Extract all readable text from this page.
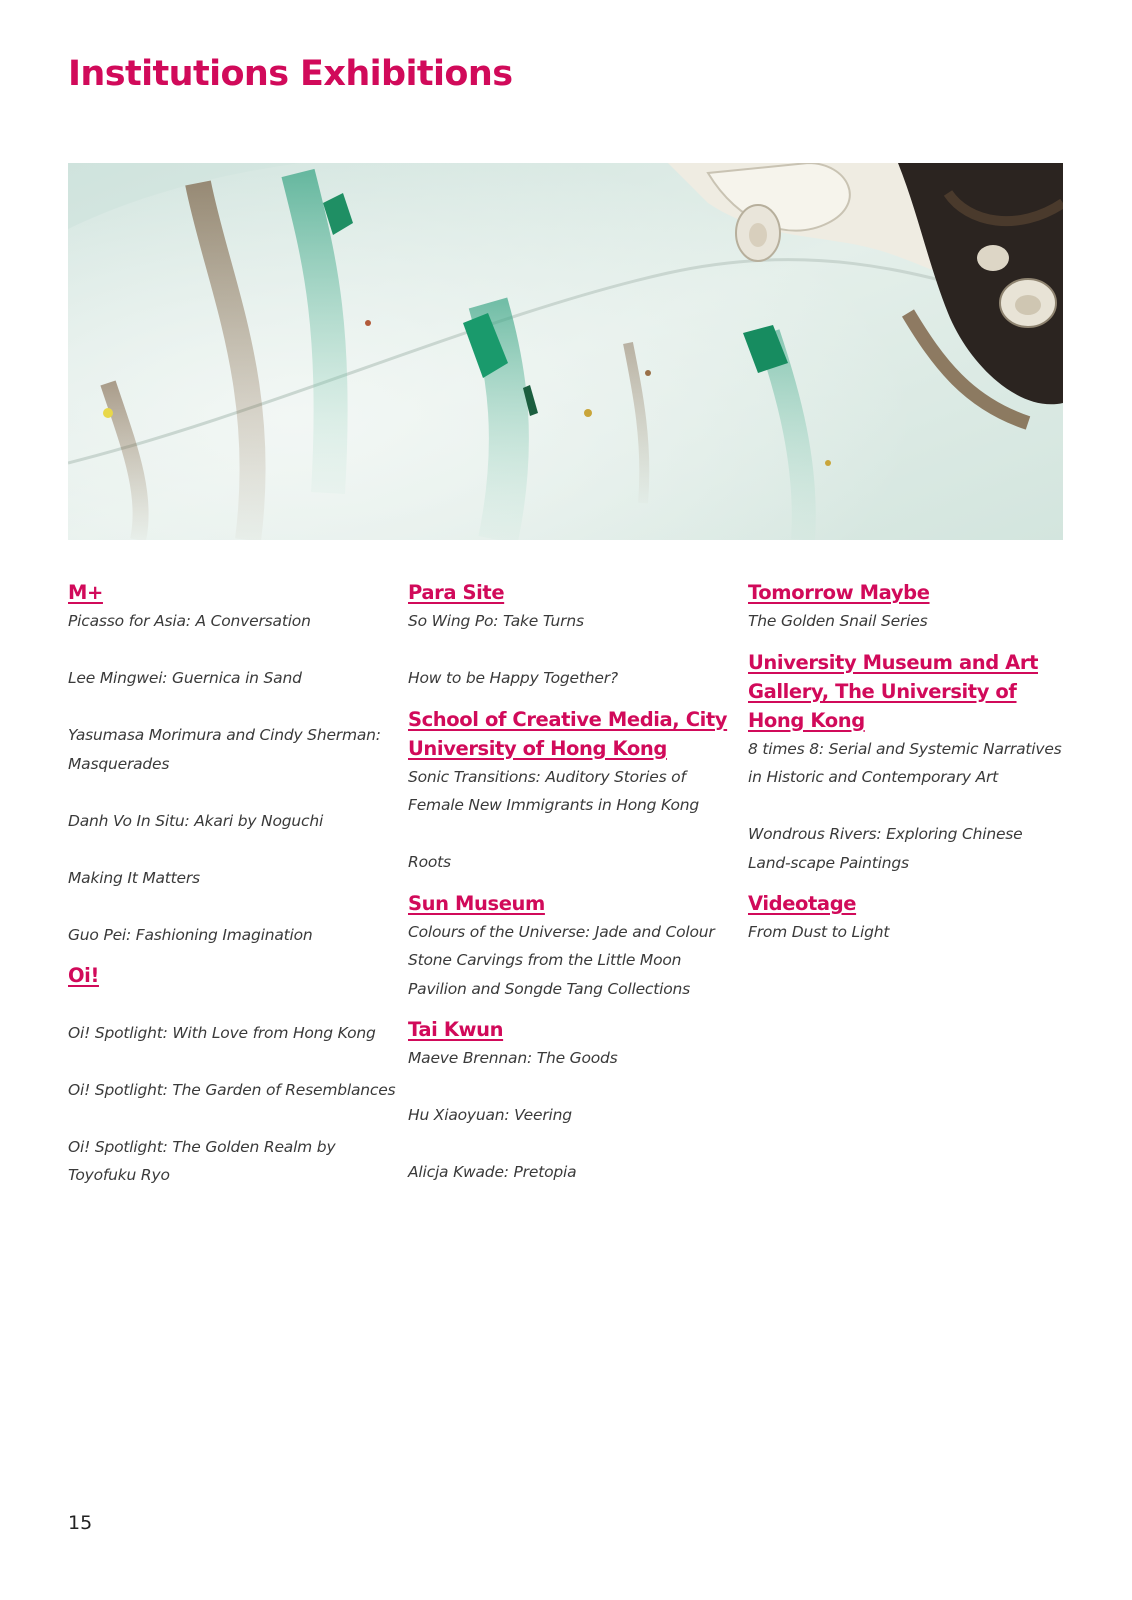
Institutions Exhibitions
M+
Picasso for Asia: A Conversation
Lee Mingwei: Guernica in Sand
Yasumasa Morimura and Cindy Sherman: Masquerades
Danh Vo In Situ: Akari by Noguchi
Making It Matters
Guo Pei: Fashioning Imagination
Oi!
Oi! Spotlight: With Love from Hong Kong
Oi! Spotlight: The Garden of Resemblances
Oi! Spotlight: The Golden Realm by Toyofuku Ryo
Para Site
So Wing Po: Take Turns
How to be Happy Together?
School of Creative Media, City University of Hong Kong
Sonic Transitions: Auditory Stories of Female New Immigrants in Hong Kong
Roots
Sun Museum
Colours of the Universe: Jade and Colour Stone Carvings from the Little Moon Pavilion and Songde Tang Collections
Tai Kwun
Maeve Brennan: The Goods
Hu Xiaoyuan: Veering
Alicja Kwade: Pretopia
Tomorrow Maybe
The Golden Snail Series
University Museum and Art Gallery, The University of Hong Kong
8 times 8: Serial and Systemic Narratives in Historic and Contemporary Art
Wondrous Rivers: Exploring Chinese Land-scape Paintings
Videotage
From Dust to Light
15
